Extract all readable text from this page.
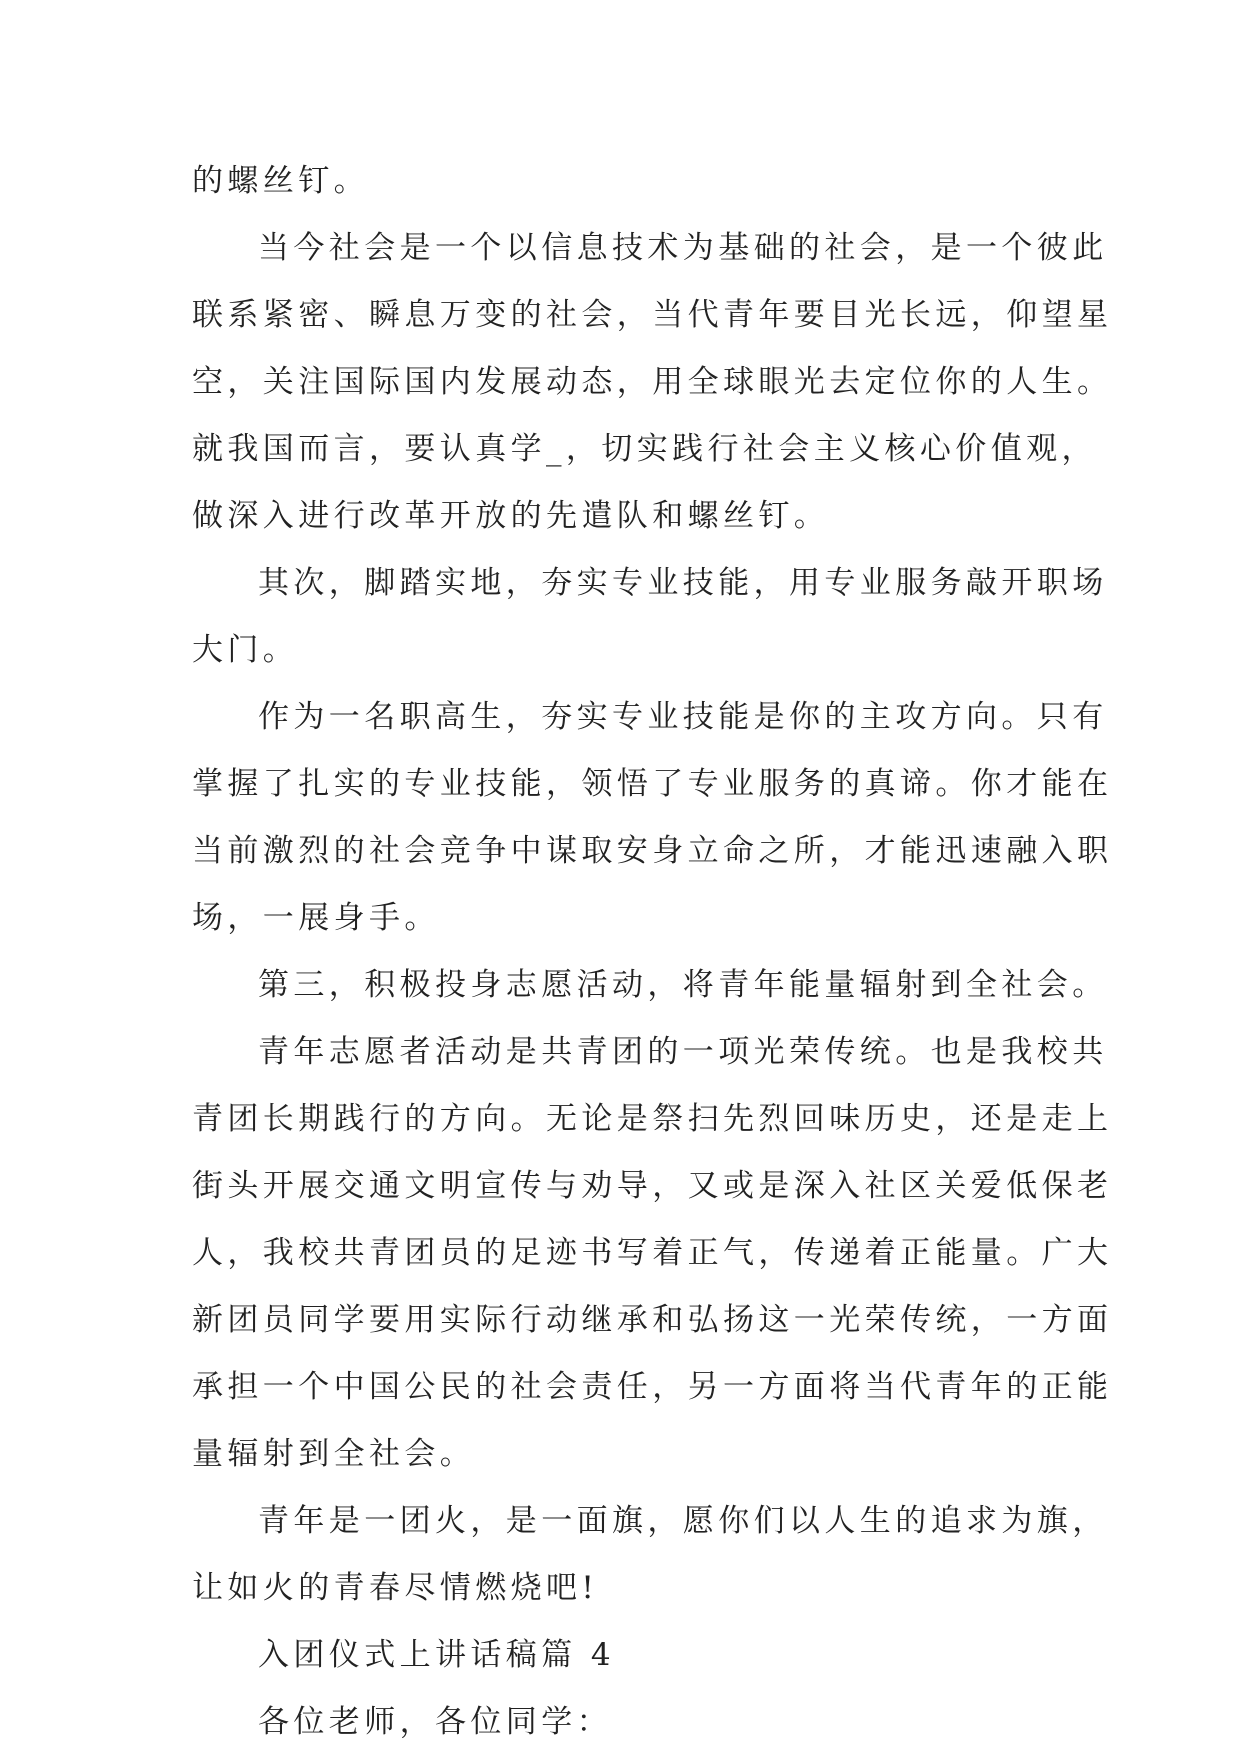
的螺丝钉。

当今社会是一个以信息技术为基础的社会，是一个彼此

联系紧密、瞬息万变的社会，当代青年要目光长远，仰望星

空，关注国际国内发展动态，用全球眼光去定位你的人生。

就我国而言，要认真学_，切实践行社会主义核心价值观，

做深入进行改革开放的先遣队和螺丝钉。

其次，脚踏实地，夯实专业技能，用专业服务敲开职场

大门。

作为一名职高生，夯实专业技能是你的主攻方向。只有

掌握了扎实的专业技能，领悟了专业服务的真谛。你才能在

当前激烈的社会竞争中谋取安身立命之所，才能迅速融入职

场，一展身手。

第三，积极投身志愿活动，将青年能量辐射到全社会。

青年志愿者活动是共青团的一项光荣传统。也是我校共

青团长期践行的方向。无论是祭扫先烈回味历史，还是走上

街头开展交通文明宣传与劝导，又或是深入社区关爱低保老

人，我校共青团员的足迹书写着正气，传递着正能量。广大

新团员同学要用实际行动继承和弘扬这一光荣传统，一方面

承担一个中国公民的社会责任，另一方面将当代青年的正能

量辐射到全社会。

青年是一团火，是一面旗，愿你们以人生的追求为旗，

让如火的青春尽情燃烧吧!

入团仪式上讲话稿篇 4

各位老师，各位同学：
